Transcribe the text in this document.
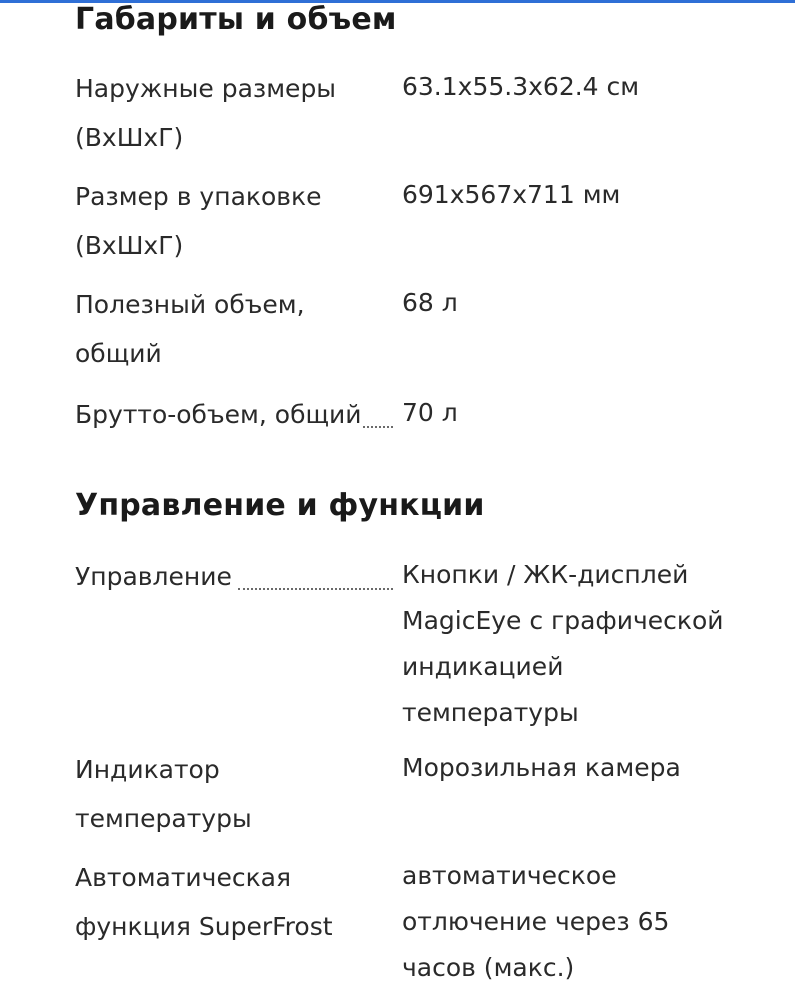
Габариты и объем
Наружные размеры
(ВхШхГ)
63.1x55.3x62.4 см
Размер в упаковке
(ВхШхГ)
691x567x711 мм
Полезный объем,
общий
68 л
Брутто-объем, общий	70 л
Управление и функции
Управление	Кнопки / ЖК-дисплей
MagicEye с графической
индикацией
температуры
Индикатор
температуры
Морозильная камера
Автоматическая
функция SuperFrost
автоматическое
отлючение через 65
часов (макс.)
